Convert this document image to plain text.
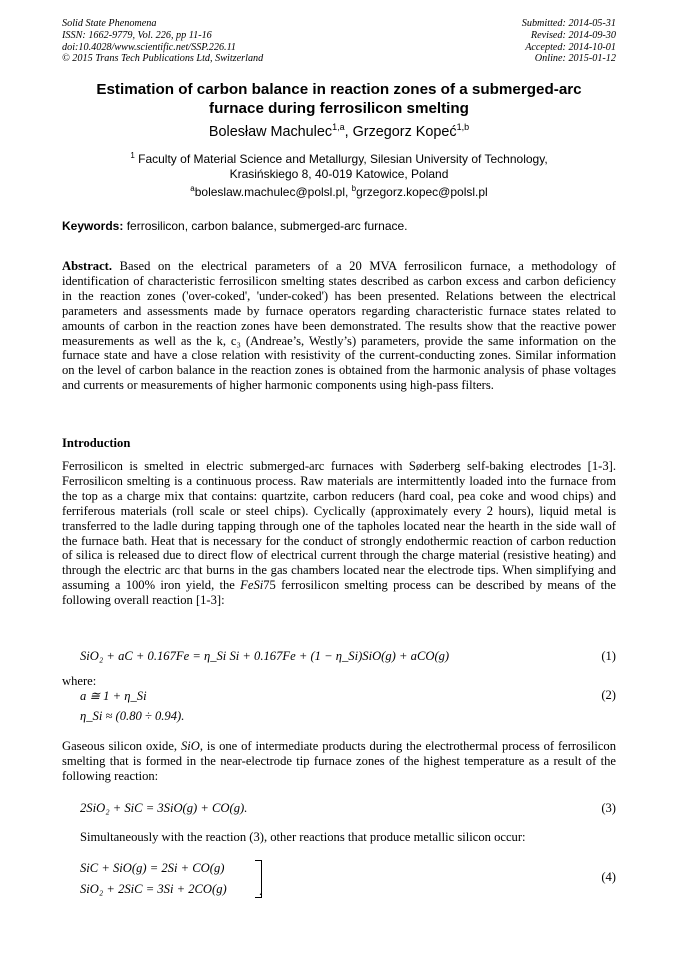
Solid State Phenomena
ISSN: 1662-9779, Vol. 226, pp 11-16
doi:10.4028/www.scientific.net/SSP.226.11
© 2015 Trans Tech Publications Ltd, Switzerland
Submitted: 2014-05-31
Revised: 2014-09-30
Accepted: 2014-10-01
Online: 2015-01-12
Estimation of carbon balance in reaction zones of a submerged-arc
furnace during ferrosilicon smelting
Bolesław Machulec$^{1,a}$, Grzegorz Kopeć$^{1,b}$
$^1$ Faculty of Material Science and Metallurgy, Silesian University of Technology,
Krasińskiego 8, 40-019 Katowice, Poland
$^a$boleslaw.machulec@polsl.pl, $^b$grzegorz.kopec@polsl.pl
Keywords: ferrosilicon, carbon balance, submerged-arc furnace.
Abstract. Based on the electrical parameters of a 20 MVA ferrosilicon furnace, a methodology of identification of characteristic ferrosilicon smelting states described as carbon excess and carbon deficiency in the reaction zones ('over-coked', 'under-coked') has been presented. Relations between the electrical parameters and assessments made by furnace operators regarding characteristic furnace states related to amounts of carbon in the reaction zones have been demonstrated. The results show that the reactive power measurements as well as the k, c₃ (Andreae’s, Westly’s) parameters, provide the same information on the furnace state and have a close relation with resistivity of the current-conducting zones. Similar information on the level of carbon balance in the reaction zones is obtained from the harmonic analysis of phase voltages and currents or measurements of higher harmonic components using high-pass filters.
Introduction
Ferrosilicon is smelted in electric submerged-arc furnaces with Søderberg self-baking electrodes [1-3]. Ferrosilicon smelting is a continuous process. Raw materials are intermittently loaded into the furnace from the top as a charge mix that contains: quartzite, carbon reducers (hard coal, pea coke and wood chips) and ferriferous materials (roll scale or steel chips). Cyclically (approximately every 2 hours), liquid metal is transferred to the ladle during tapping through one of the tapholes located near the hearth in the side wall of the furnace bath. Heat that is necessary for the conduct of strongly endothermic reaction of carbon reduction of silica is released due to direct flow of electrical current through the charge material (resistive heating) and through the electric arc that burns in the gas chambers located near the electrode tips. When simplifying and assuming a 100% iron yield, the FeSi75 ferrosilicon smelting process can be described by means of the following overall reaction [1-3]:
SiO₂ + aC + 0.167Fe = η_Si Si + 0.167Fe + (1 − η_Si)SiO(g) + aCO(g)	(1)
where:
a ≅ 1 + η_Si	(2)
η_Si ≈ (0.80 ÷ 0.94).
Gaseous silicon oxide, SiO, is one of intermediate products during the electrothermal process of ferrosilicon smelting that is formed in the near-electrode tip furnace zones of the highest temperature as a result of the following reaction:
2SiO₂ + SiC = 3SiO(g) + CO(g).	(3)
Simultaneously with the reaction (3), other reactions that produce metallic silicon occur:
SiC + SiO(g) = 2Si + CO(g)
SiO₂ + 2SiC = 3Si + 2CO(g)	.
(4)
